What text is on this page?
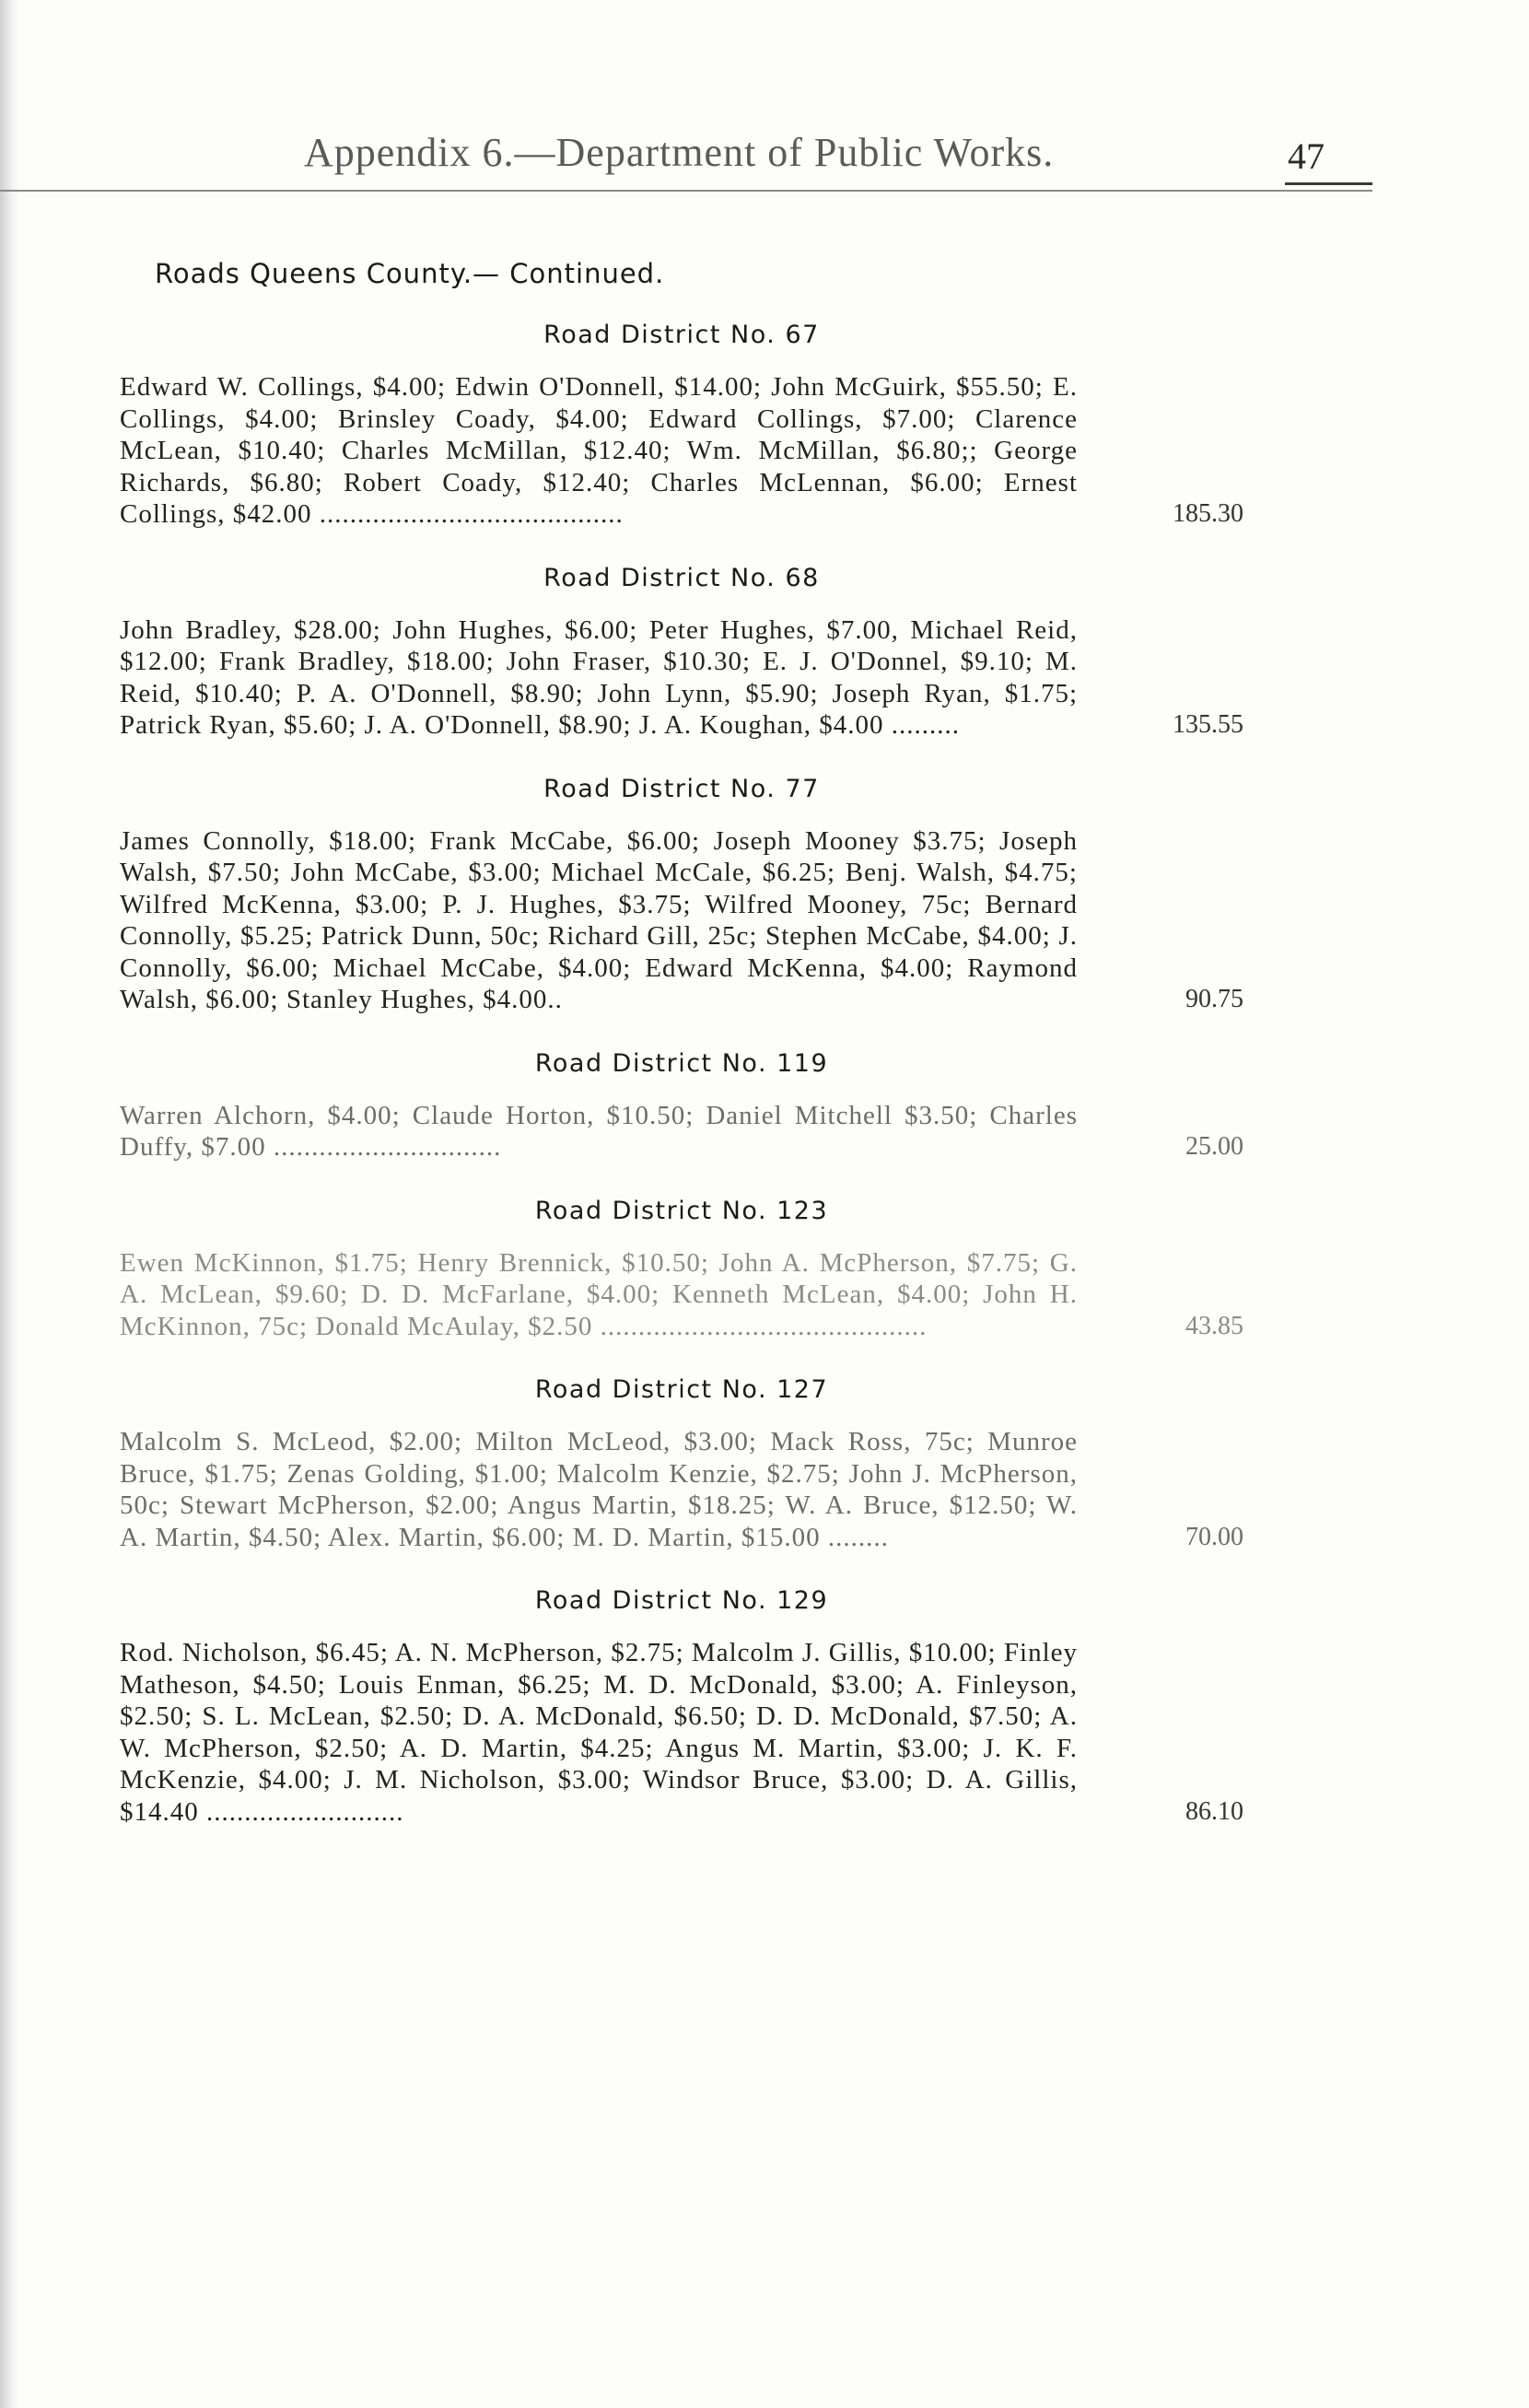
Appendix 6.—Department of Public Works.	47
Roads Queens County.— Continued.
Road District No. 67
Edward W. Collings, $4.00; Edwin O'Donnell, $14.00; John McGuirk, $55.50; E. Collings, $4.00; Brinsley Coady, $4.00; Edward Collings, $7.00; Clarence McLean, $10.40; Charles McMillan, $12.40; Wm. McMillan, $6.80;; George Richards, $6.80; Robert Coady, $12.40; Charles McLennan, $6.00; Ernest Collings, $42.00 ........................................	185.30
Road District No. 68
John Bradley, $28.00; John Hughes, $6.00; Peter Hughes, $7.00, Michael Reid, $12.00; Frank Bradley, $18.00; John Fraser, $10.30; E. J. O'Donnel, $9.10; M. Reid, $10.40; P. A. O'Donnell, $8.90; John Lynn, $5.90; Joseph Ryan, $1.75; Patrick Ryan, $5.60; J. A. O'Donnell, $8.90; J. A. Koughan, $4.00 .........	135.55
Road District No. 77
James Connolly, $18.00; Frank McCabe, $6.00; Joseph Mooney $3.75; Joseph Walsh, $7.50; John McCabe, $3.00; Michael McCale, $6.25; Benj. Walsh, $4.75; Wilfred McKenna, $3.00; P. J. Hughes, $3.75; Wilfred Mooney, 75c; Bernard Connolly, $5.25; Patrick Dunn, 50c; Richard Gill, 25c; Stephen McCabe, $4.00; J. Connolly, $6.00; Michael McCabe, $4.00; Edward McKenna, $4.00; Raymond Walsh, $6.00; Stanley Hughes, $4.00..	90.75
Road District No. 119
Warren Alchorn, $4.00; Claude Horton, $10.50; Daniel Mitchell $3.50; Charles Duffy, $7.00 ..............................	25.00
Road District No. 123
Ewen McKinnon, $1.75; Henry Brennick, $10.50; John A. McPherson, $7.75; G. A. McLean, $9.60; D. D. McFarlane, $4.00; Kenneth McLean, $4.00; John H. McKinnon, 75c; Donald McAulay, $2.50 ...........................................	43.85
Road District No. 127
Malcolm S. McLeod, $2.00; Milton McLeod, $3.00; Mack Ross, 75c; Munroe Bruce, $1.75; Zenas Golding, $1.00; Malcolm Kenzie, $2.75; John J. McPherson, 50c; Stewart McPherson, $2.00; Angus Martin, $18.25; W. A. Bruce, $12.50; W. A. Martin, $4.50; Alex. Martin, $6.00; M. D. Martin, $15.00 ........	70.00
Road District No. 129
Rod. Nicholson, $6.45; A. N. McPherson, $2.75; Malcolm J. Gillis, $10.00; Finley Matheson, $4.50; Louis Enman, $6.25; M. D. McDonald, $3.00; A. Finleyson, $2.50; S. L. McLean, $2.50; D. A. McDonald, $6.50; D. D. McDonald, $7.50; A. W. McPherson, $2.50; A. D. Martin, $4.25; Angus M. Martin, $3.00; J. K. F. McKenzie, $4.00; J. M. Nicholson, $3.00; Windsor Bruce, $3.00; D. A. Gillis, $14.40 ..........................	86.10
